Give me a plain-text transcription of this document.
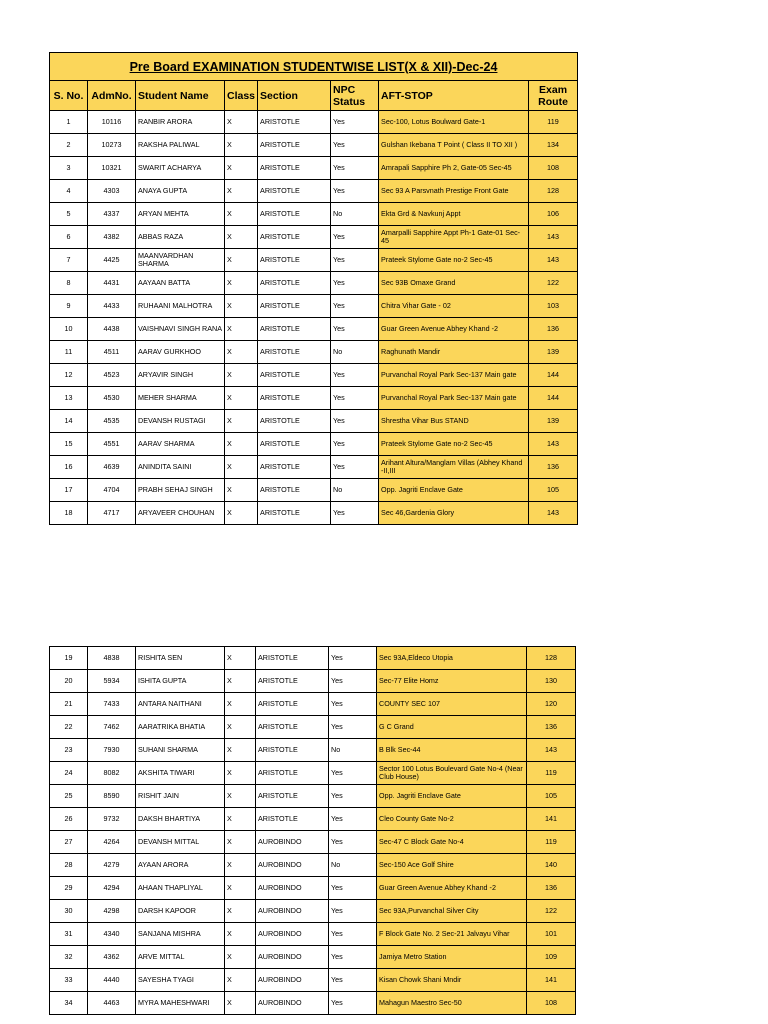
Pre Board EXAMINATION STUDENTWISE LIST(X & XII)-Dec-24							
S. No.	AdmNo.	Student Name	Class	Section	NPC Status	AFT-STOP	Exam Route
1	10116	RANBIR ARORA	X	ARISTOTLE	Yes	Sec-100, Lotus Boulward Gate-1	119
2	10273	RAKSHA PALIWAL	X	ARISTOTLE	Yes	Gulshan Ikebana T Point ( Class II TO XII )	134
3	10321	SWARIT ACHARYA	X	ARISTOTLE	Yes	Amrapali Sapphire Ph 2, Gate-05 Sec-45	108
4	4303	ANAYA GUPTA	X	ARISTOTLE	Yes	Sec 93 A Parsvnath Prestige Front Gate	128
5	4337	ARYAN MEHTA	X	ARISTOTLE	No	Ekta Grd & Navkunj Appt	106
6	4382	ABBAS RAZA	X	ARISTOTLE	Yes	Amarpalli Sapphire Appt Ph-1 Gate-01 Sec-45	143
7	4425	MAANVARDHAN SHARMA	X	ARISTOTLE	Yes	Prateek Stylome Gate no-2 Sec-45	143
8	4431	AAYAAN BATTA	X	ARISTOTLE	Yes	Sec 93B Omaxe Grand	122
9	4433	RUHAANI MALHOTRA	X	ARISTOTLE	Yes	Chitra Vihar Gate - 02	103
10	4438	VAISHNAVI SINGH RANA	X	ARISTOTLE	Yes	Guar Green Avenue Abhey Khand -2	136
11	4511	AARAV GURKHOO	X	ARISTOTLE	No	Raghunath Mandir	139
12	4523	ARYAVIR SINGH	X	ARISTOTLE	Yes	Purvanchal Royal Park Sec-137 Main gate	144
13	4530	MEHER SHARMA	X	ARISTOTLE	Yes	Purvanchal Royal Park Sec-137 Main gate	144
14	4535	DEVANSH RUSTAGI	X	ARISTOTLE	Yes	Shrestha Vihar Bus STAND	139
15	4551	AARAV SHARMA	X	ARISTOTLE	Yes	Prateek Stylome Gate no-2 Sec-45	143
16	4639	ANINDITA SAINI	X	ARISTOTLE	Yes	Arihant Altura/Manglam Villas (Abhey Khand -II,III	136
17	4704	PRABH SEHAJ SINGH	X	ARISTOTLE	No	Opp. Jagriti Enclave Gate	105
18	4717	ARYAVEER CHOUHAN	X	ARISTOTLE	Yes	Sec 46,Gardenia Glory	143
19	4838	RISHITA SEN	X	ARISTOTLE	Yes	Sec 93A,Eldeco Utopia	128
20	5934	ISHITA GUPTA	X	ARISTOTLE	Yes	Sec-77 Elite Homz	130
21	7433	ANTARA NAITHANI	X	ARISTOTLE	Yes	COUNTY SEC 107	120
22	7462	AARATRIKA BHATIA	X	ARISTOTLE	Yes	G C Grand	136
23	7930	SUHANI SHARMA	X	ARISTOTLE	No	B Blk Sec-44	143
24	8082	AKSHITA TIWARI	X	ARISTOTLE	Yes	Sector 100 Lotus Boulevard Gate No-4 (Near Club House)	119
25	8590	RISHIT JAIN	X	ARISTOTLE	Yes	Opp. Jagriti Enclave Gate	105
26	9732	DAKSH BHARTIYA	X	ARISTOTLE	Yes	Cleo County Gate No-2	141
27	4264	DEVANSH MITTAL	X	AUROBINDO	Yes	Sec-47 C Block Gate No-4	119
28	4279	AYAAN ARORA	X	AUROBINDO	No	Sec-150 Ace Golf Shire	140
29	4294	AHAAN THAPLIYAL	X	AUROBINDO	Yes	Guar Green Avenue Abhey Khand -2	136
30	4298	DARSH KAPOOR	X	AUROBINDO	Yes	Sec 93A,Purvanchal Silver City	122
31	4340	SANJANA MISHRA	X	AUROBINDO	Yes	F Block Gate No. 2 Sec-21 Jalvayu Vihar	101
32	4362	ARVE MITTAL	X	AUROBINDO	Yes	Jamiya Metro Station	109
33	4440	SAYESHA TYAGI	X	AUROBINDO	Yes	Kisan Chowk Shani Mndir	141
34	4463	MYRA MAHESHWARI	X	AUROBINDO	Yes	Mahagun Maestro Sec-50	108
